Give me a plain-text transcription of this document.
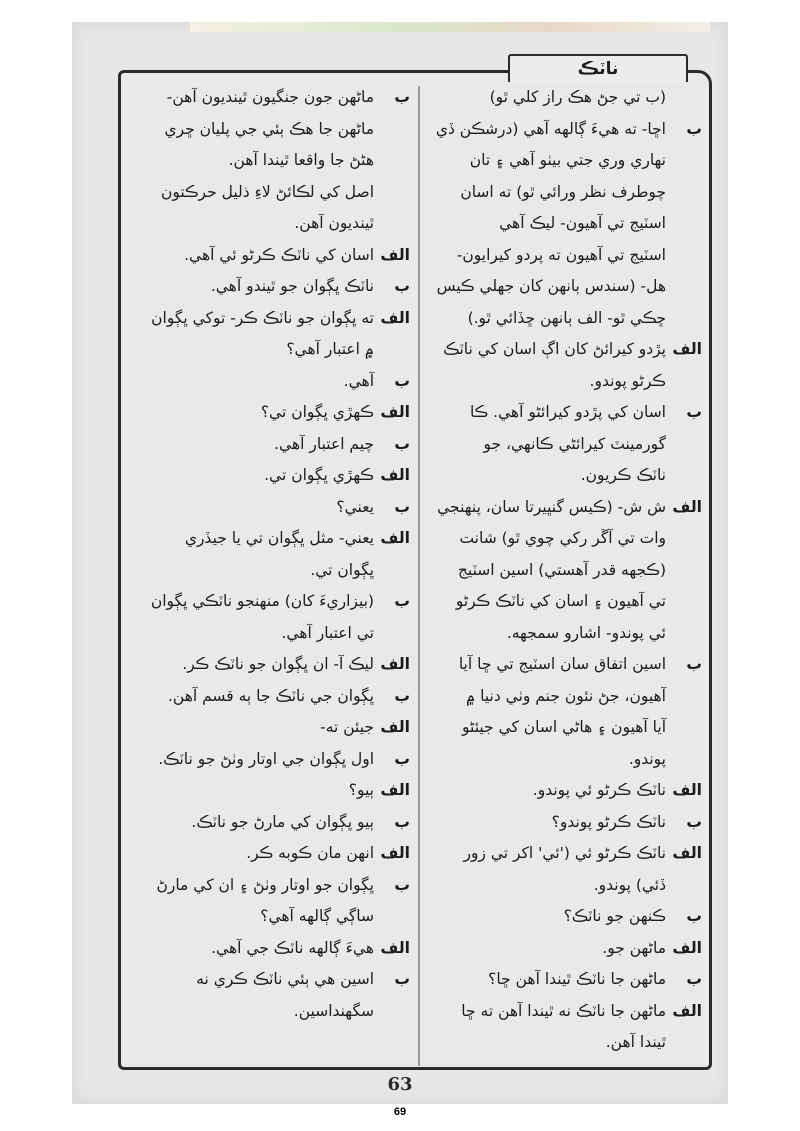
ناٽڪ
(ب تي جڻ هڪ راز کلي ٿو)
باڇا- ته هيءَ ڳالهه آهي (درشڪن ڏي
نهاري وري جتي بيٺو آهي ۽ تان
چوطرف نظر ورائي ٿو) ته اسان
اسٽيج تي آهيون- ليڪ آهي
اسٽيج تي آهيون ته پردو کيرايون-
هل- (سندس ٻانهن کان جهلي ڪيس
ڇڪي ٿو- الف ٻانهن ڇڏائي ٿو.)
الفپڙدو کيرائڻ کان اڳ اسان کي ناٽڪ
ڪرڻو پوندو.
باسان کي پڙدو کيرائڻو آهي. ڪا
گورمينٽ کيرائڻي ڪانهي، جو
ناٽڪ ڪريون.
الفش ش- (ڪيس گنڀيرتا سان، پنهنجي
وات تي آڱر رکي چوي ٿو) شانت
(ڪجهه قدر آهستي) اسين اسٽيج
تي آهيون ۽ اسان کي ناٽڪ ڪرڻو
ئي پوندو- اشارو سمجهه.
باسين اتفاق سان اسٽيج تي ڇا آيا
آهيون، جڻ نئون جنم وٺي دنيا ۾
آيا آهيون ۽ هاڻي اسان کي جيئڻو
پوندو.
الفناٽڪ ڪرڻو ئي پوندو.
بناٽڪ ڪرڻو پوندو؟
الفناٽڪ ڪرڻو ئي ('ئي' اکر تي زور
ڏئي) پوندو.
بڪنهن جو ناٽڪ؟
الفماڻهن جو.
بماڻهن جا ناٽڪ ٿيندا آهن ڇا؟
الفماڻهن جا ناٽڪ نه ٿيندا آهن ته ڇا
ٿيندا آهن.
بماڻهن جون جنگيون ٿينديون آهن-
ماڻهن جا هڪ ٻئي جي پليان ڇري
هڻڻ جا واقعا ٿيندا آهن.
اصل کي لڪائڻ لاءِ ذليل حرڪتون
ٿينديون آهن.
الفاسان کي ناٽڪ ڪرڻو ئي آهي.
بناٽڪ ڀڳوان جو ٿيندو آهي.
الفته ڀڳوان جو ناٽڪ ڪر- توکي ڀڳوان
۾ اعتبار آهي؟
بآهي.
الفڪهڙي ڀڳوان تي؟
بچيم اعتبار آهي.
الفڪهڙي ڀڳوان تي.
بيعني؟
الفيعني- مثل ڀڳوان تي يا جيڏري
ڀڳوان تي.
ب(بيزاريءَ کان) منهنجو ناٽڪي ڀڳوان
تي اعتبار آهي.
الفليڪ آ- ان ڀڳوان جو ناٽڪ ڪر.
بڀڳوان جي ناٽڪ جا ٻه قسم آهن.
الفجيئن ته-
باول ڀڳوان جي اوتار وٺڻ جو ناٽڪ.
الفٻيو؟
بٻيو ڀڳوان کي مارڻ جو ناٽڪ.
الفانهن مان ڪوبه ڪر.
بڀڳوان جو اوتار وٺڻ ۽ ان کي مارڻ
ساڳي ڳالهه آهي؟
الفهيءَ ڳالهه ناٽڪ جي آهي.
باسين هي ٻئي ناٽڪ ڪري نه
سگهنداسين.
63
69
